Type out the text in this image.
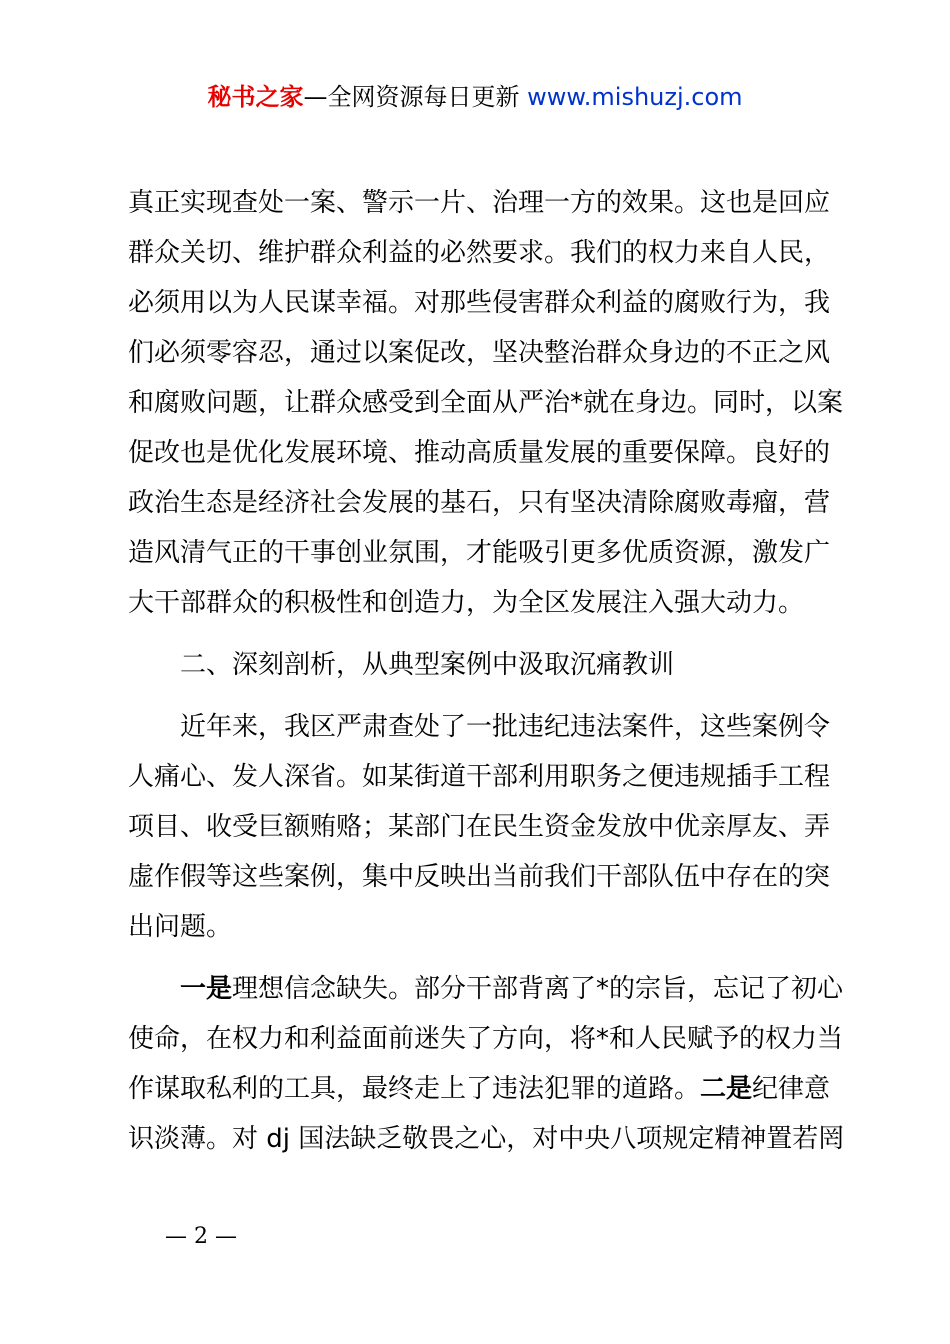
秘书之家—全网资源每日更新 www.mishuzj.com
真正实现查处一案、警示一片、治理一方的效果。这也是回应
群众关切、维护群众利益的必然要求。我们的权力来自人民，
必须用以为人民谋幸福。对那些侵害群众利益的腐败行为，我
们必须零容忍，通过以案促改，坚决整治群众身边的不正之风
和腐败问题，让群众感受到全面从严治*就在身边。同时，以案
促改也是优化发展环境、推动高质量发展的重要保障。良好的
政治生态是经济社会发展的基石，只有坚决清除腐败毒瘤，营
造风清气正的干事创业氛围，才能吸引更多优质资源，激发广
大干部群众的积极性和创造力，为全区发展注入强大动力。
二、深刻剖析，从典型案例中汲取沉痛教训
近年来，我区严肃查处了一批违纪违法案件，这些案例令
人痛心、发人深省。如某街道干部利用职务之便违规插手工程
项目、收受巨额贿赂；某部门在民生资金发放中优亲厚友、弄
虚作假等这些案例，集中反映出当前我们干部队伍中存在的突
出问题。
一是理想信念缺失。部分干部背离了*的宗旨，忘记了初心
使命，在权力和利益面前迷失了方向，将*和人民赋予的权力当
作谋取私利的工具，最终走上了违法犯罪的道路。二是纪律意
识淡薄。对 dj 国法缺乏敬畏之心，对中央八项规定精神置若罔
— 2 —
